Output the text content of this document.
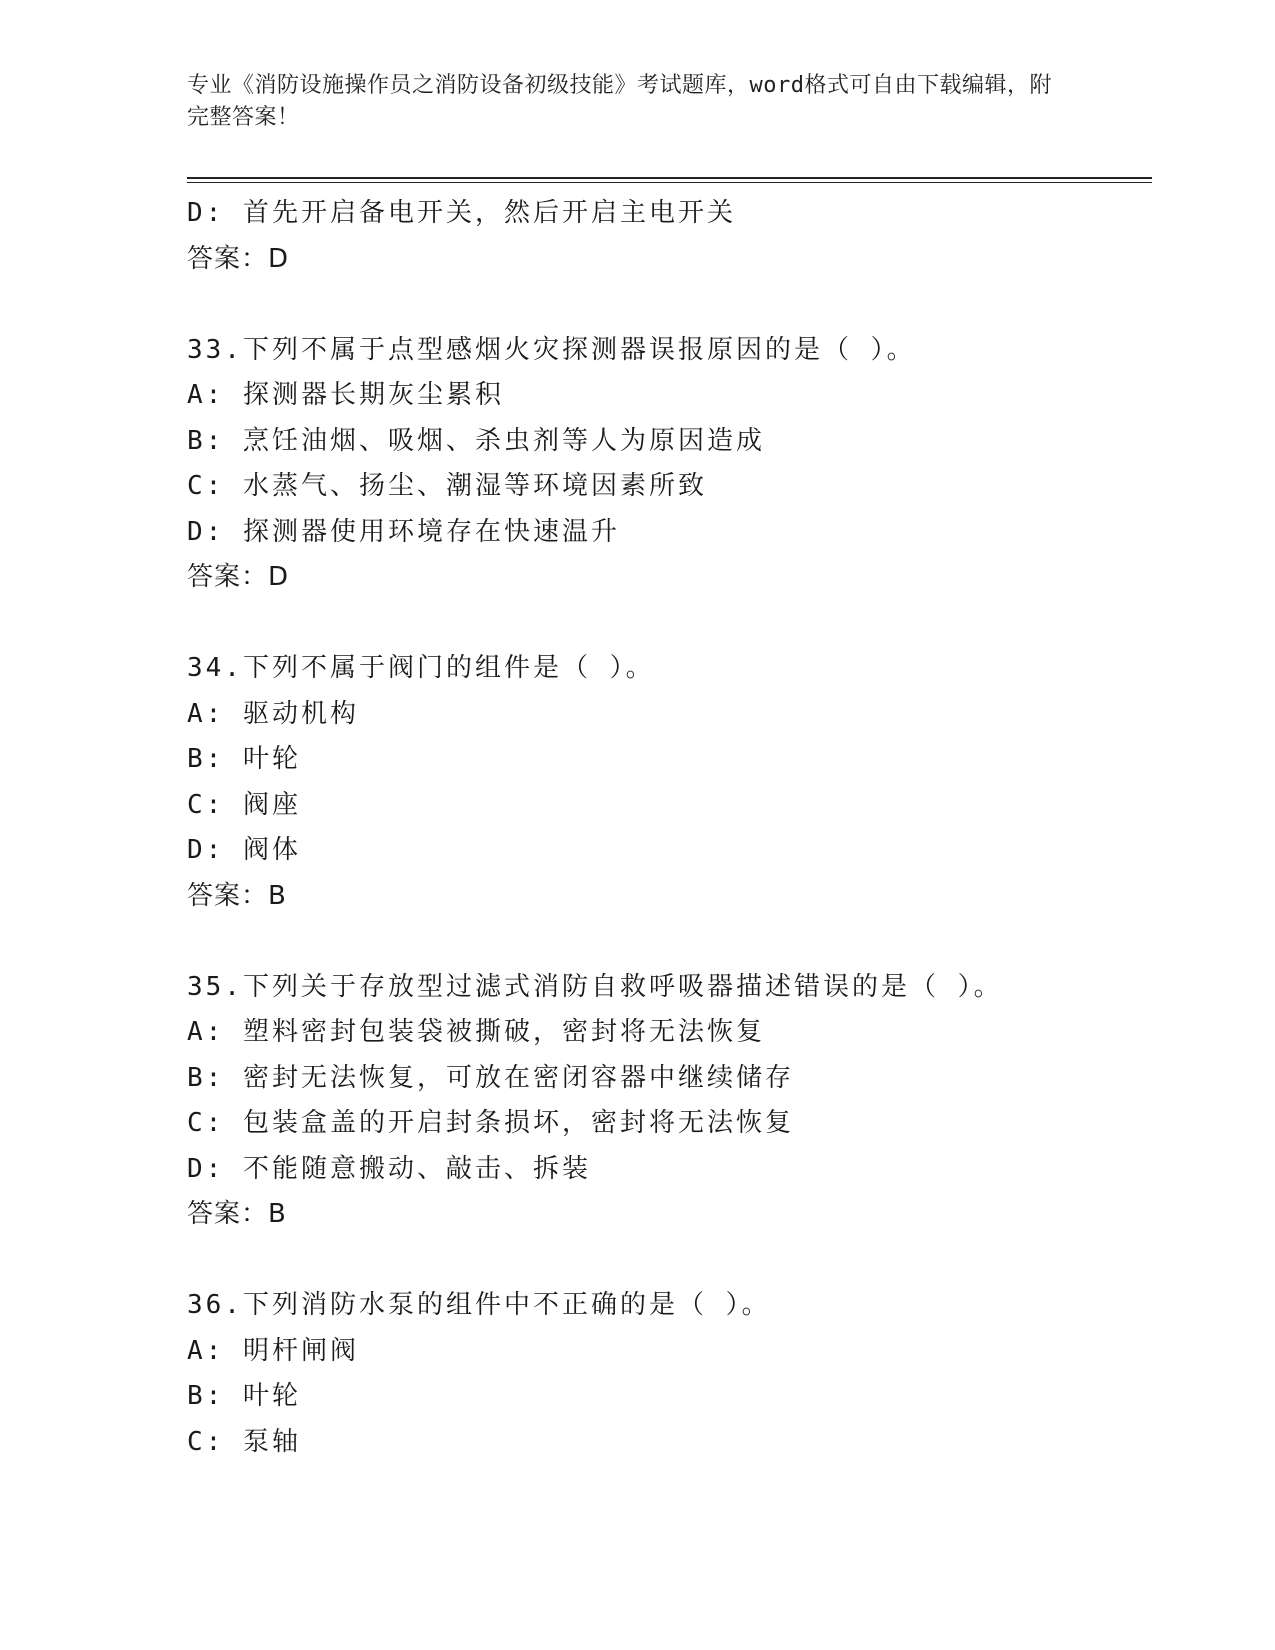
专业《消防设施操作员之消防设备初级技能》考试题库，word格式可自由下载编辑，附完整答案！
D: 首先开启备电开关，然后开启主电开关
答案：D
33.下列不属于点型感烟火灾探测器误报原因的是（ ）。
A: 探测器长期灰尘累积
B: 烹饪油烟、吸烟、杀虫剂等人为原因造成
C: 水蒸气、扬尘、潮湿等环境因素所致
D: 探测器使用环境存在快速温升
答案：D
34.下列不属于阀门的组件是（ ）。
A: 驱动机构
B: 叶轮
C: 阀座
D: 阀体
答案：B
35.下列关于存放型过滤式消防自救呼吸器描述错误的是（ ）。
A: 塑料密封包装袋被撕破，密封将无法恢复
B: 密封无法恢复，可放在密闭容器中继续储存
C: 包装盒盖的开启封条损坏，密封将无法恢复
D: 不能随意搬动、敲击、拆装
答案：B
36.下列消防水泵的组件中不正确的是（ ）。
A: 明杆闸阀
B: 叶轮
C: 泵轴
